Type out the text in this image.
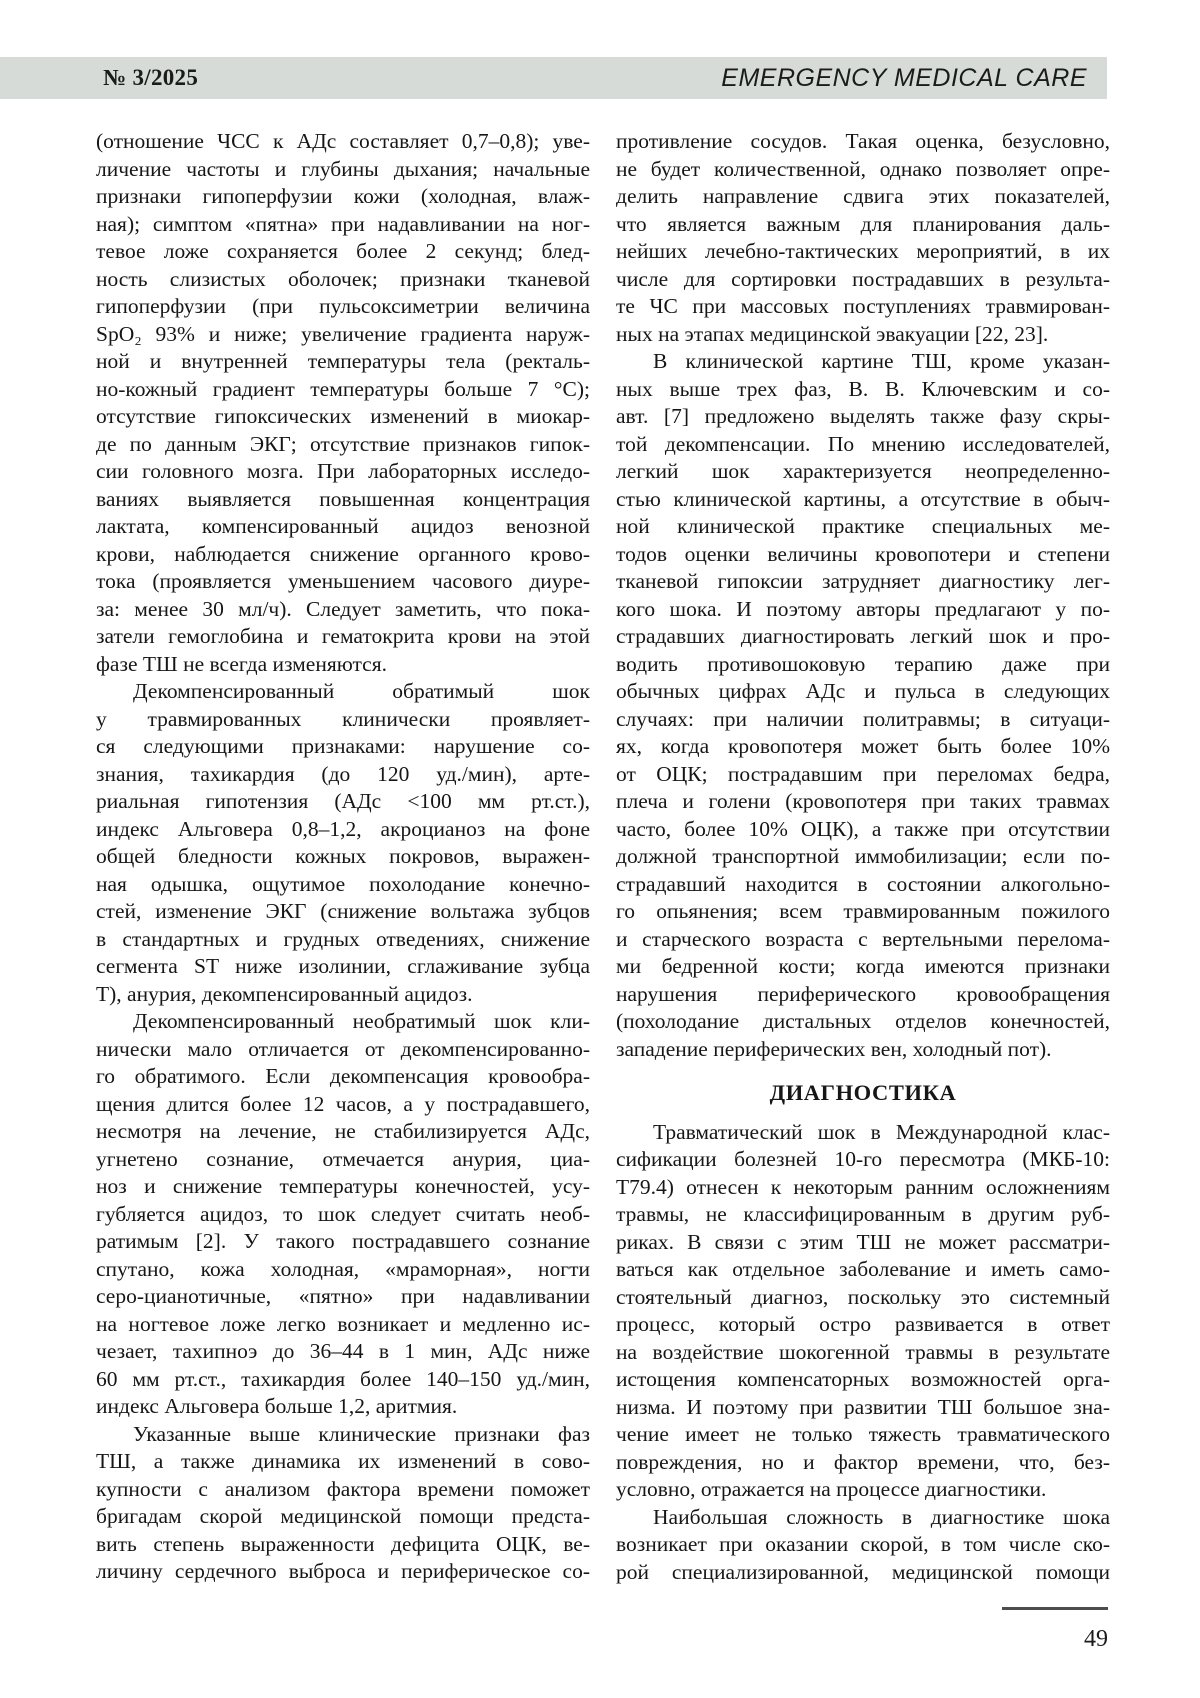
№ 3/2025	EMERGENCY MEDICAL CARE
(отношение ЧСС к АДс составляет 0,7–0,8); уве-
личение частоты и глубины дыхания; начальные
признаки гипоперфузии кожи (холодная, влаж-
ная); симптом «пятна» при надавливании на ног-
тевое ложе сохраняется более 2 секунд; блед-
ность слизистых оболочек; признаки тканевой
гипоперфузии (при пульсоксиметрии величина
SpO₂ 93% и ниже; увеличение градиента наруж-
ной и внутренней температуры тела (ректаль-
но-кожный градиент температуры больше 7 °С);
отсутствие гипоксических изменений в миокар-
де по данным ЭКГ; отсутствие признаков гипок-
сии головного мозга. При лабораторных исследо-
ваниях выявляется повышенная концентрация
лактата, компенсированный ацидоз венозной
крови, наблюдается снижение органного крово-
тока (проявляется уменьшением часового диуре-
за: менее 30 мл/ч). Следует заметить, что пока-
затели гемоглобина и гематокрита крови на этой
фазе ТШ не всегда изменяются.
Декомпенсированный обратимый шок
у травмированных клинически проявляет-
ся следующими признаками: нарушение со-
знания, тахикардия (до 120 уд./мин), арте-
риальная гипотензия (АДс <100 мм рт.ст.),
индекс Альговера 0,8–1,2, акроцианоз на фоне
общей бледности кожных покровов, выражен-
ная одышка, ощутимое похолодание конечно-
стей, изменение ЭКГ (снижение вольтажа зубцов
в стандартных и грудных отведениях, снижение
сегмента ST ниже изолинии, сглаживание зубца
T), анурия, декомпенсированный ацидоз.
Декомпенсированный необратимый шок кли-
нически мало отличается от декомпенсированно-
го обратимого. Если декомпенсация кровообра-
щения длится более 12 часов, а у пострадавшего,
несмотря на лечение, не стабилизируется АДс,
угнетено сознание, отмечается анурия, циа-
ноз и снижение температуры конечностей, усу-
губляется ацидоз, то шок следует считать необ-
ратимым [2]. У такого пострадавшего сознание
спутано, кожа холодная, «мраморная», ногти
серо-цианотичные, «пятно» при надавливании
на ногтевое ложе легко возникает и медленно ис-
чезает, тахипноэ до 36–44 в 1 мин, АДс ниже
60 мм рт.ст., тахикардия более 140–150 уд./мин,
индекс Альговера больше 1,2, аритмия.
Указанные выше клинические признаки фаз
ТШ, а также динамика их изменений в сово-
купности с анализом фактора времени поможет
бригадам скорой медицинской помощи предста-
вить степень выраженности дефицита ОЦК, ве-
личину сердечного выброса и периферическое со-
противление сосудов. Такая оценка, безусловно,
не будет количественной, однако позволяет опре-
делить направление сдвига этих показателей,
что является важным для планирования даль-
нейших лечебно-тактических мероприятий, в их
числе для сортировки пострадавших в результа-
те ЧС при массовых поступлениях травмирован-
ных на этапах медицинской эвакуации [22, 23].
В клинической картине ТШ, кроме указан-
ных выше трех фаз, В. В. Ключевским и со-
авт. [7] предложено выделять также фазу скры-
той декомпенсации. По мнению исследователей,
легкий шок характеризуется неопределенно-
стью клинической картины, а отсутствие в обыч-
ной клинической практике специальных ме-
тодов оценки величины кровопотери и степени
тканевой гипоксии затрудняет диагностику лег-
кого шока. И поэтому авторы предлагают у по-
страдавших диагностировать легкий шок и про-
водить противошоковую терапию даже при
обычных цифрах АДс и пульса в следующих
случаях: при наличии политравмы; в ситуаци-
ях, когда кровопотеря может быть более 10%
от ОЦК; пострадавшим при переломах бедра,
плеча и голени (кровопотеря при таких травмах
часто, более 10% ОЦК), а также при отсутствии
должной транспортной иммобилизации; если по-
страдавший находится в состоянии алкогольно-
го опьянения; всем травмированным пожилого
и старческого возраста с вертельными перелома-
ми бедренной кости; когда имеются признаки
нарушения периферического кровообращения
(похолодание дистальных отделов конечностей,
западение периферических вен, холодный пот).
ДИАГНОСТИКА
Травматический шок в Международной клас-
сификации болезней 10-го пересмотра (МКБ-10:
Т79.4) отнесен к некоторым ранним осложнениям
травмы, не классифицированным в другим руб-
риках. В связи с этим ТШ не может рассматри-
ваться как отдельное заболевание и иметь само-
стоятельный диагноз, поскольку это системный
процесс, который остро развивается в ответ
на воздействие шокогенной травмы в результате
истощения компенсаторных возможностей орга-
низма. И поэтому при развитии ТШ большое зна-
чение имеет не только тяжесть травматического
повреждения, но и фактор времени, что, без-
условно, отражается на процессе диагностики.
Наибольшая сложность в диагностике шока
возникает при оказании скорой, в том числе ско-
рой специализированной, медицинской помощи
49
